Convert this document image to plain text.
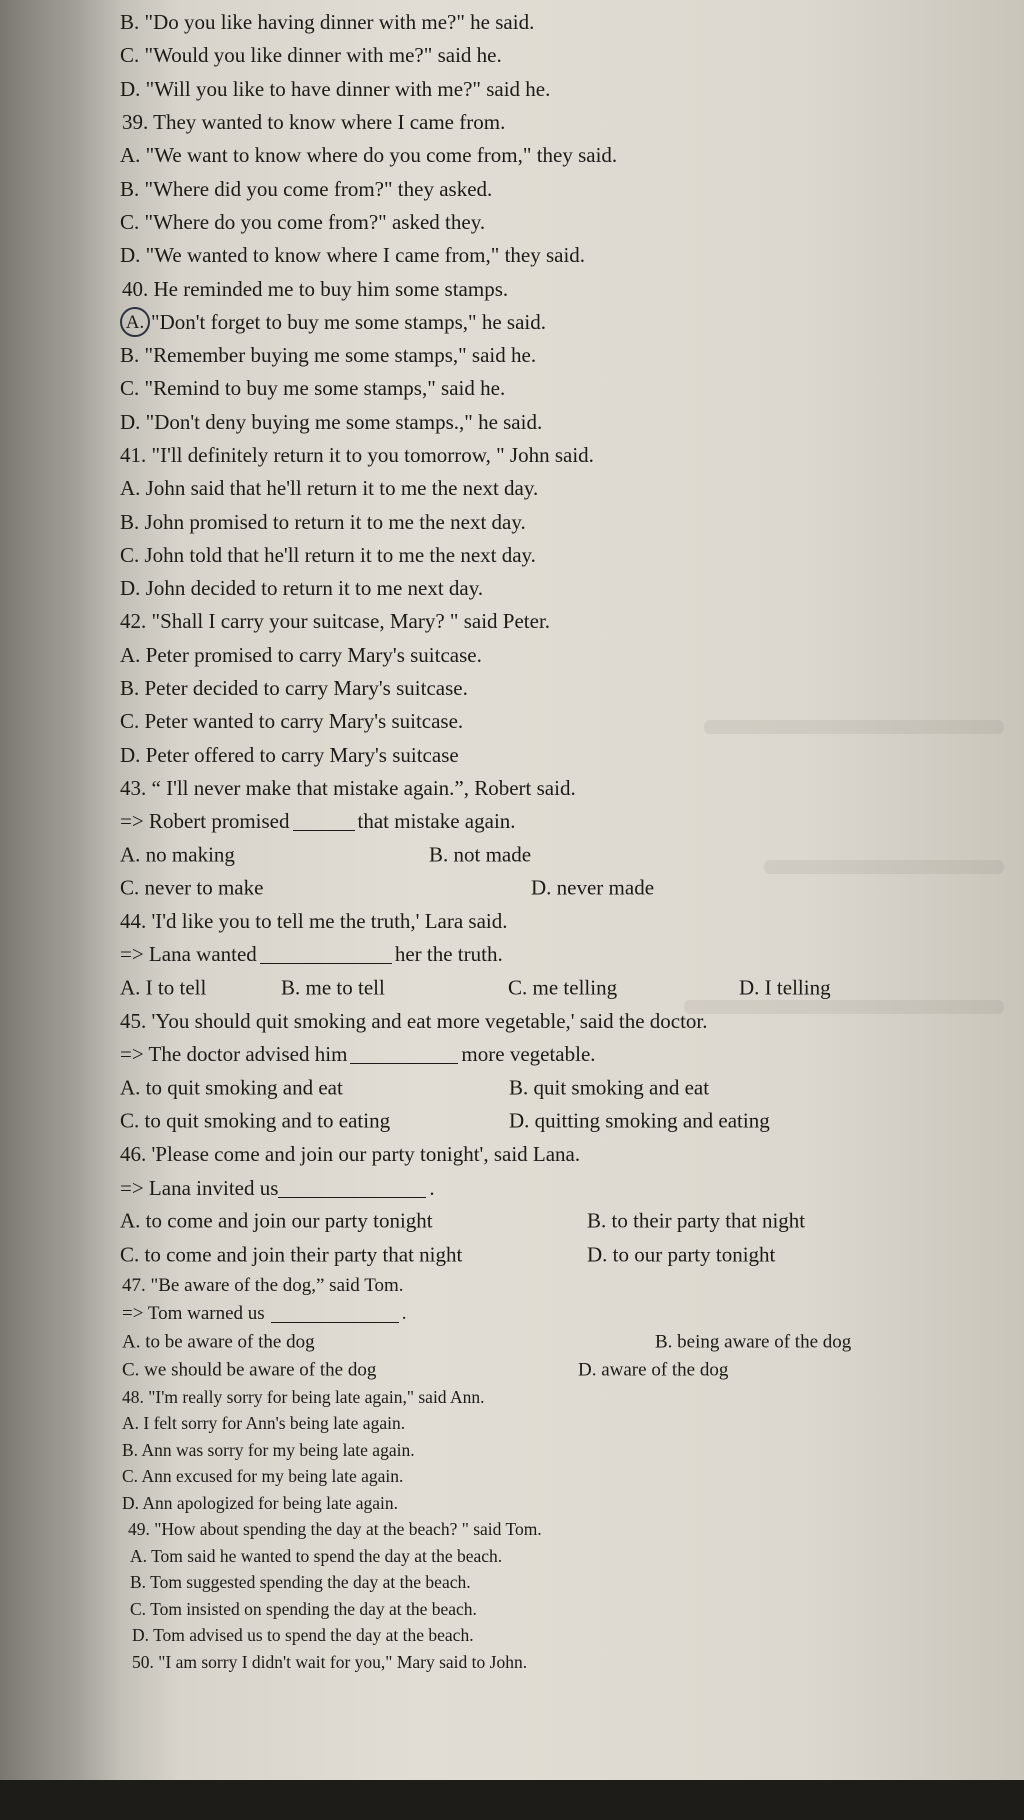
B. "Do you like having dinner with me?" he said.
C. "Would you like dinner with me?" said he.
D. "Will you like to have dinner with me?" said he.
39. They wanted to know where I came from.
A. "We want to know where do you come from," they said.
B. "Where did you come from?" they asked.
C. "Where do you come from?" asked they.
D. "We wanted to know where I came from," they said.
40. He reminded me to buy him some stamps.
A. "Don't forget to buy me some stamps," he said.
B. "Remember buying me some stamps," said he.
C. "Remind to buy me some stamps," said he.
D. "Don't deny buying me some stamps.," he said.
41. "I'll definitely return it to you tomorrow, " John said.
A. John said that he'll return it to me the next day.
B. John promised to return it to me the next day.
C. John told that he'll return it to me the next day.
D. John decided to return it to me next day.
42. "Shall I carry your suitcase, Mary? " said Peter.
A. Peter promised to carry Mary's suitcase.
B. Peter decided to carry Mary's suitcase.
C. Peter wanted to carry Mary's suitcase.
D. Peter offered to carry Mary's suitcase
43. “ I'll never make that mistake again.”, Robert said.
=> Robert promised	that mistake again.
A. no making	B. not made
C. never to make	D. never made
44. 'I'd like you to tell me the truth,' Lara said.
=> Lana wanted	her the truth.
A. I to tell	B. me to tell	C. me telling	D. I telling
45. 'You should quit smoking and eat more vegetable,' said the doctor.
=> The doctor advised him	more vegetable.
A. to quit smoking and eat	B. quit smoking and eat
C. to quit smoking and to eating	D. quitting smoking and eating
46. 'Please come and join our party tonight', said Lana.
=> Lana invited us	.
A. to come and join our party tonight	B. to their party that night
C. to come and join their party that night	D. to our party tonight
47. "Be aware of the dog,” said Tom.
=> Tom warned us	.
A. to be aware of the dog	B. being aware of the dog
C. we should be aware of the dog	D. aware of the dog
48. "I'm really sorry for being late again," said Ann.
A. I felt sorry for Ann's being late again.
B. Ann was sorry for my being late again.
C. Ann excused for my being late again.
D. Ann apologized for being late again.
49. "How about spending the day at the beach? " said Tom.
A. Tom said he wanted to spend the day at the beach.
B. Tom suggested spending the day at the beach.
C. Tom insisted on spending the day at the beach.
D. Tom advised us to spend the day at the beach.
50. "I am sorry I didn't wait for you," Mary said to John.
